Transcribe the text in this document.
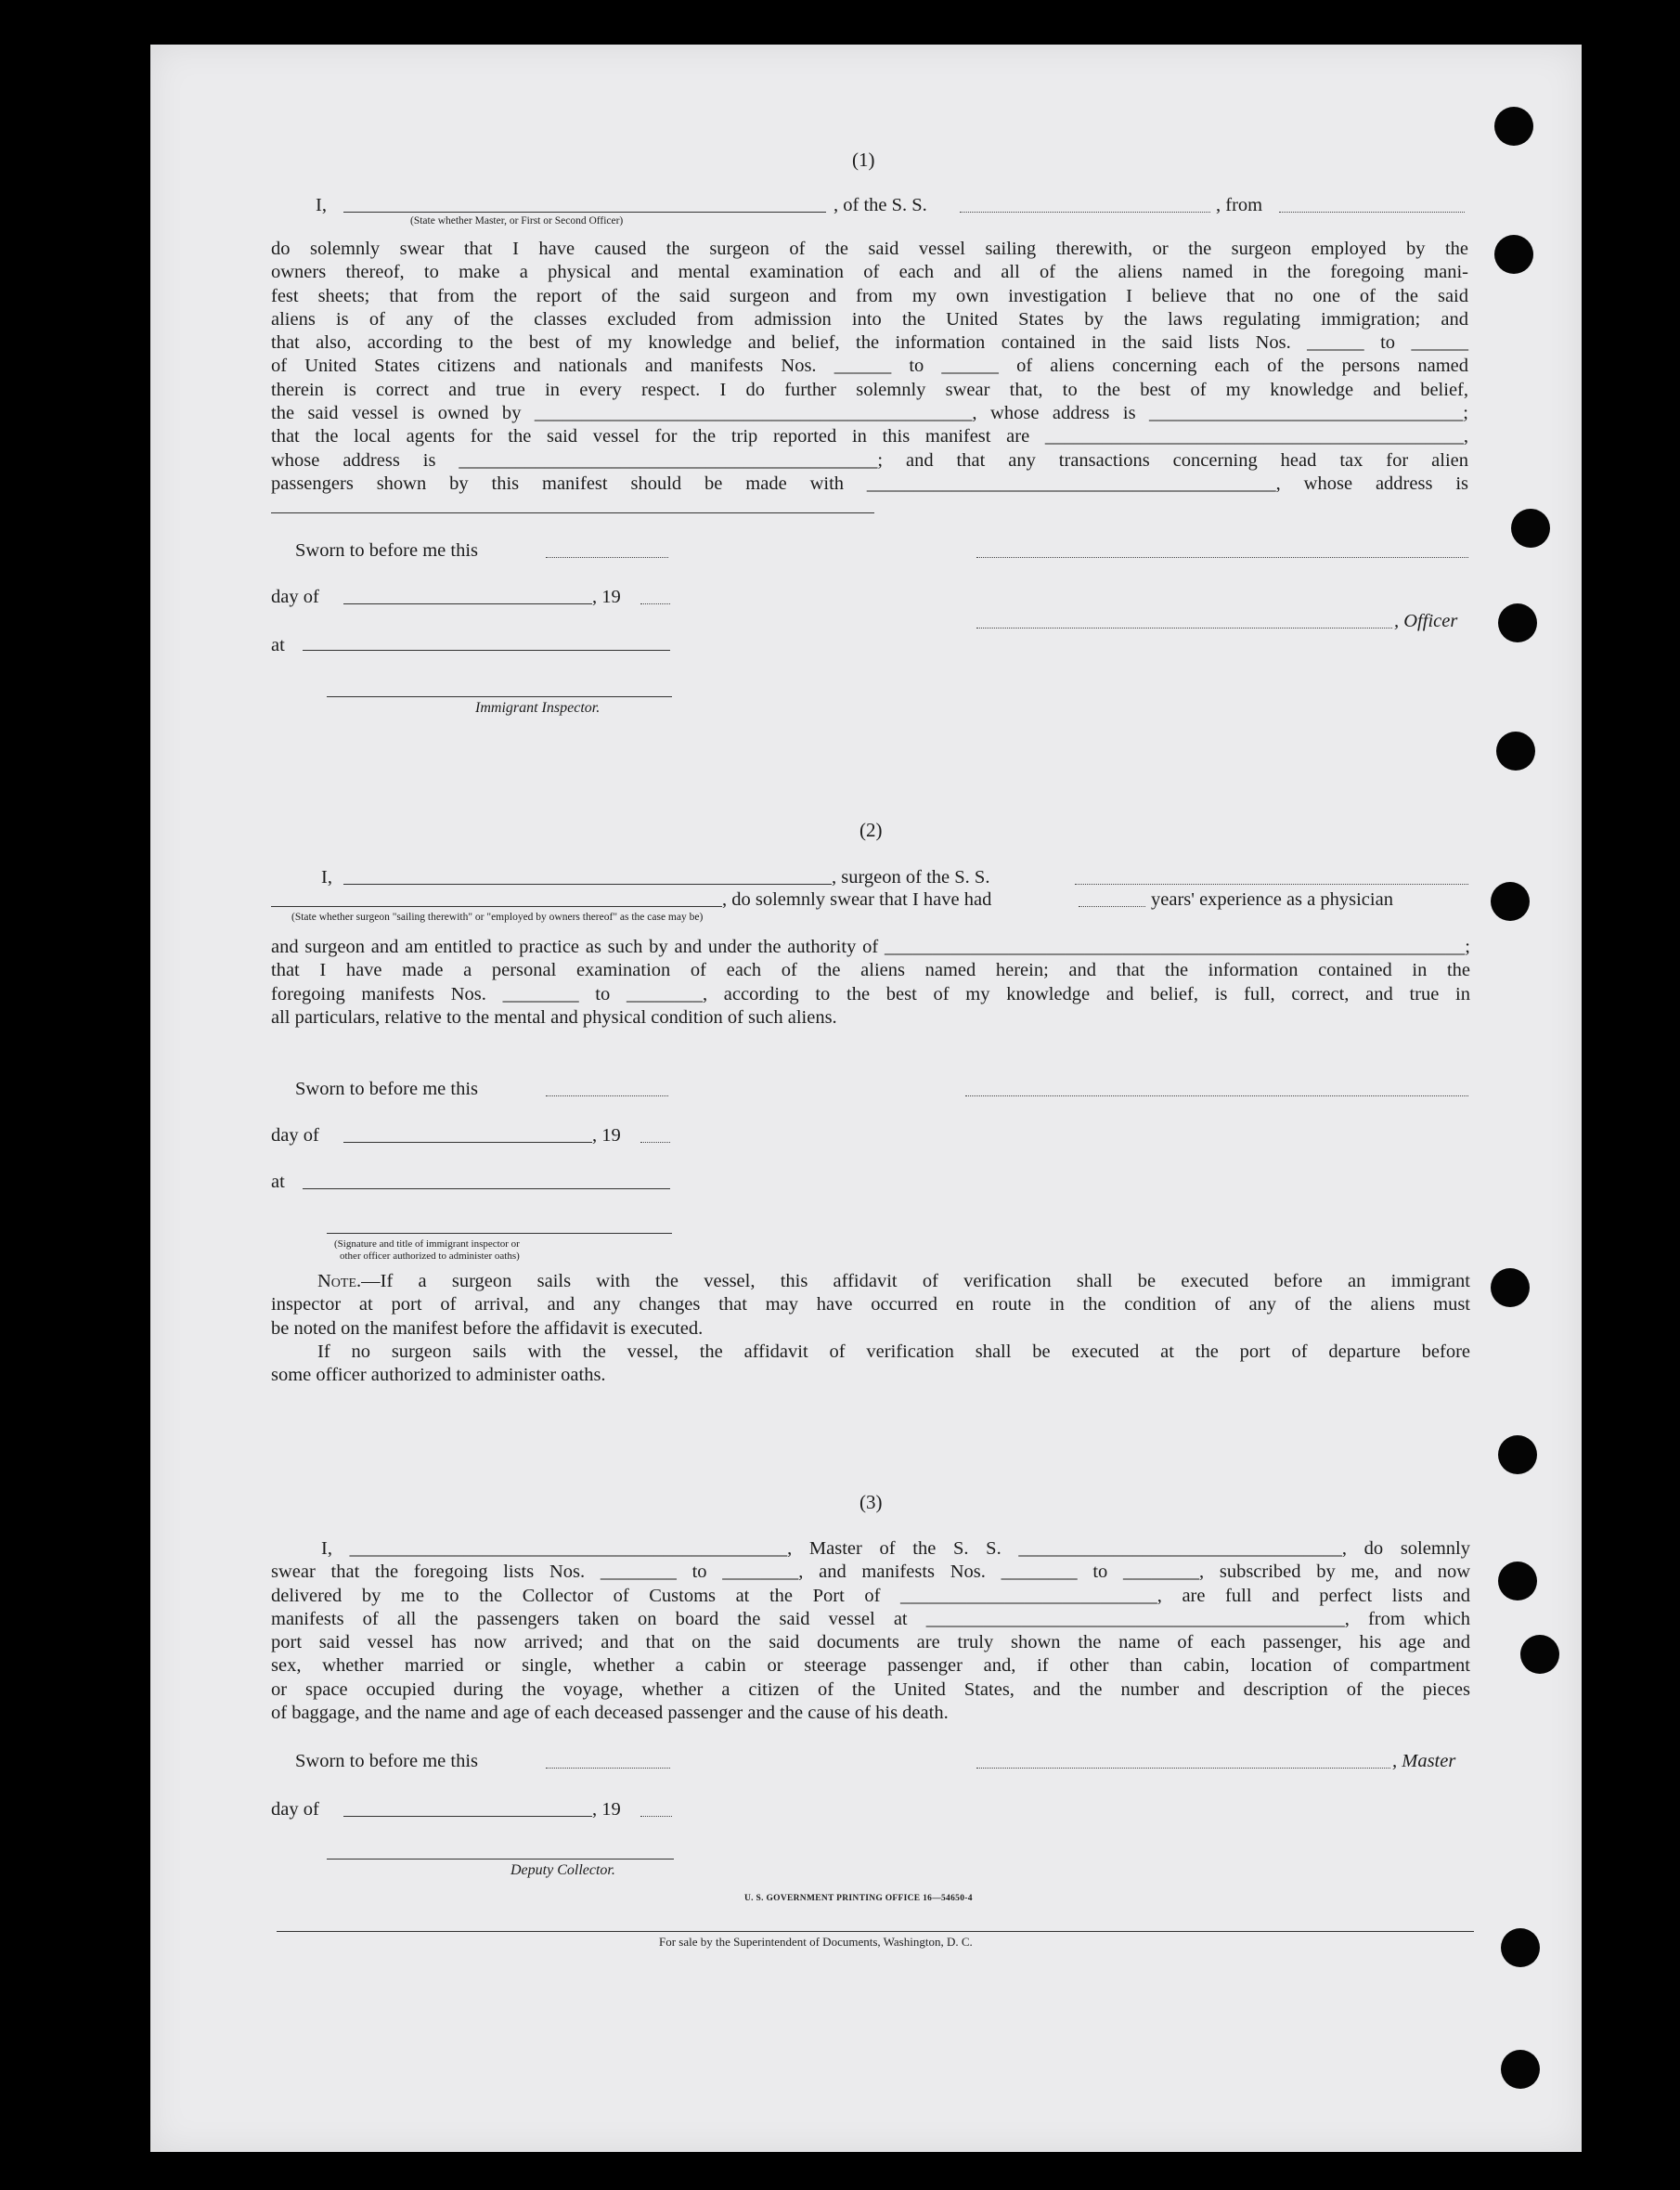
(1)
I,	, of the S. S.	, from
(State whether Master, or First or Second Officer)
do solemnly swear that I have caused the surgeon of the said vessel sailing therewith, or the surgeon employed by the
owners thereof, to make a physical and mental examination of each and all of the aliens named in the foregoing mani-
fest sheets; that from the report of the said surgeon and from my own investigation I believe that no one of the said
aliens is of any of the classes excluded from admission into the United States by the laws regulating immigration; and
that also, according to the best of my knowledge and belief, the information contained in the said lists Nos. ______ to ______
of United States citizens and nationals and manifests Nos. ______ to ______ of aliens concerning each of the persons named
therein is correct and true in every respect. I do further solemnly swear that, to the best of my knowledge and belief,
the said vessel is owned by ______________________________________________, whose address is _________________________________;
that the local agents for the said vessel for the trip reported in this manifest are ____________________________________________,
whose address is ____________________________________________; and that any transactions concerning head tax for alien
passengers shown by this manifest should be made with ___________________________________________, whose address is
Sworn to before me this
day of	, 19
, Officer
at
Immigrant Inspector.
(2)
I,	, surgeon of the S. S.
, do solemnly swear that I have had	years' experience as a physician
(State whether surgeon "sailing therewith" or "employed by owners thereof" as the case may be)
and surgeon and am entitled to practice as such by and under the authority of _____________________________________________________________;
that I have made a personal examination of each of the aliens named herein; and that the information contained in the
foregoing manifests Nos. ________ to ________, according to the best of my knowledge and belief, is full, correct, and true in
all particulars, relative to the mental and physical condition of such aliens.
Sworn to before me this
day of	, 19
at
(Signature and title of immigrant inspector or
other officer authorized to administer oaths)
Note.—If a surgeon sails with the vessel, this affidavit of verification shall be executed before an immigrant
inspector at port of arrival, and any changes that may have occurred en route in the condition of any of the aliens must
be noted on the manifest before the affidavit is executed.
If no surgeon sails with the vessel, the affidavit of verification shall be executed at the port of departure before
some officer authorized to administer oaths.
(3)
I, ______________________________________________, Master of the S. S. __________________________________, do solemnly
swear that the foregoing lists Nos. ________ to ________, and manifests Nos. ________ to ________, subscribed by me, and now
delivered by me to the Collector of Customs at the Port of ___________________________, are full and perfect lists and
manifests of all the passengers taken on board the said vessel at ____________________________________________, from which
port said vessel has now arrived; and that on the said documents are truly shown the name of each passenger, his age and
sex, whether married or single, whether a cabin or steerage passenger and, if other than cabin, location of compartment
or space occupied during the voyage, whether a citizen of the United States, and the number and description of the pieces
of baggage, and the name and age of each deceased passenger and the cause of his death.
Sworn to before me this	, Master
day of	, 19
Deputy Collector.
U. S. GOVERNMENT PRINTING OFFICE 16—54650-4
For sale by the Superintendent of Documents, Washington, D. C.
